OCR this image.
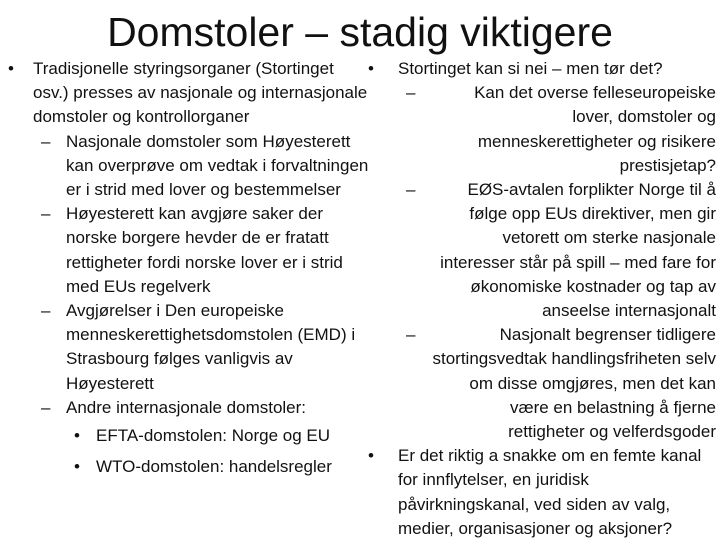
Domstoler – stadig viktigere
• Tradisjonelle styringsorganer (Stortinget osv.) presses av nasjonale og internasjonale domstoler og kontrollorganer
– Nasjonale domstoler som Høyesterett kan overprøve om vedtak i forvaltningen er i strid med lover og bestemmelser
– Høyesterett kan avgjøre saker der norske borgere hevder de er fratatt rettigheter fordi norske lover er i strid med EUs regelverk
– Avgjørelser i Den europeiske menneskerettighetsdomstolen (EMD) i Strasbourg følges vanligvis av Høyesterett
– Andre internasjonale domstoler:
• EFTA-domstolen: Norge og EU
• WTO-domstolen: handelsregler
• Stortinget kan si nei – men tør det?
–	Kan det overse felleseuropeiske lover, domstoler og menneskerettigheter og risikere prestisjetap?
–	EØS-avtalen forplikter Norge til å følge opp EUs direktiver, men gir vetorett om sterke nasjonale interesser står på spill – med fare for økonomiske kostnader og tap av anseelse internasjonalt
–	Nasjonalt begrenser tidligere stortingsvedtak handlingsfriheten selv om disse omgjøres, men det kan være en belastning å fjerne rettigheter og velferdsgoder
• Er det riktig a snakke om en femte kanal for innflytelser, en juridisk påvirkningskanal, ved siden av valg, medier, organisasjoner og aksjoner?
